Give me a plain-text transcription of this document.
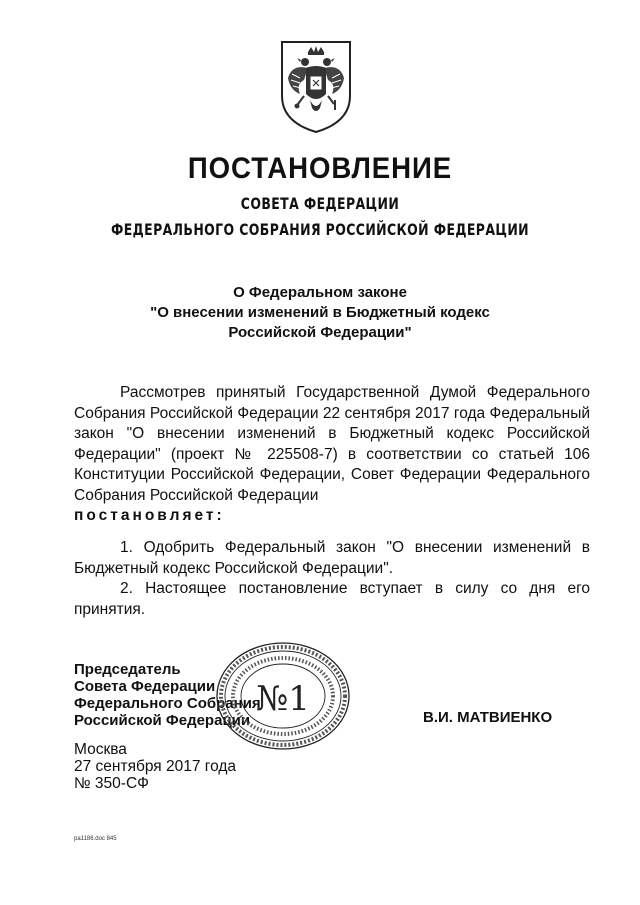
ПОСТАНОВЛЕНИЕ
СОВЕТА ФЕДЕРАЦИИ
ФЕДЕРАЛЬНОГО СОБРАНИЯ РОССИЙСКОЙ ФЕДЕРАЦИИ
О Федеральном законе
"О внесении изменений в Бюджетный кодекс
Российской Федерации"

Рассмотрев принятый Государственной Думой Федерального Собрания Российской Федерации 22 сентября 2017 года Федеральный закон "О внесении изменений в Бюджетный кодекс Российской Федерации" (проект № 225508-7) в соответствии со статьей 106 Конституции Российской Федерации, Совет Федерации Федерального Собрания Российской Федерации

постановляет:

1. Одобрить Федеральный закон "О внесении изменений в Бюджетный кодекс Российской Федерации".

2. Настоящее постановление вступает в силу со дня его принятия.

Председатель
Совета Федерации
Федерального Собрания
Российской Федерации
№1	В.И. МАТВИЕНКО
Москва
27 сентября 2017 года
№ 350-СФ
ра1186.doc 845
